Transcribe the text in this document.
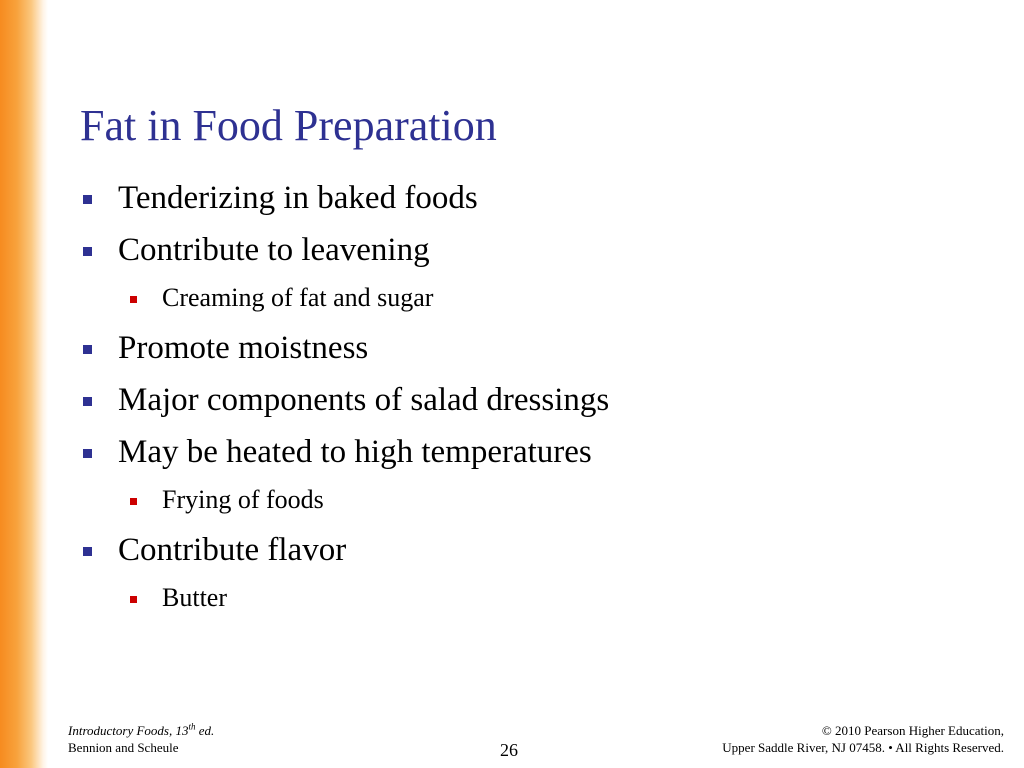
Fat in Food Preparation
Tenderizing in baked foods
Contribute to leavening
Creaming of fat and sugar
Promote moistness
Major components of salad dressings
May be heated to high temperatures
Frying of foods
Contribute flavor
Butter
Introductory Foods, 13th ed.
Bennion and Scheule	26
© 2010 Pearson Higher Education,
Upper Saddle River, NJ 07458. • All Rights Reserved.
